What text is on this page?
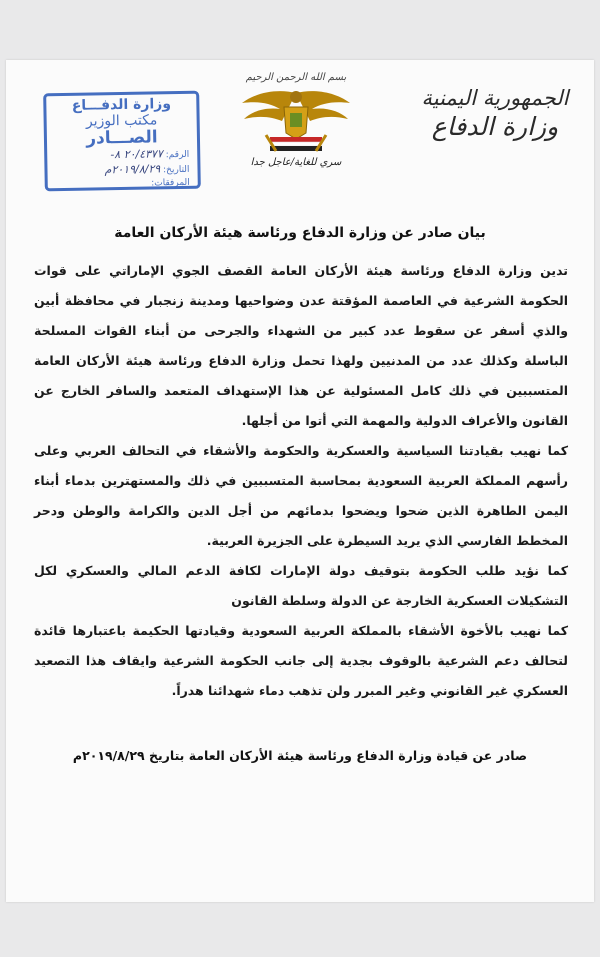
الجمهورية اليمنية
وزارة الدفاع
بسم الله الرحمن الرحيم
سري للغاية/عاجل جدا
وزارة الدفـــاع
مكتب الوزير
الصـــادر
الرقم: ٢٠/٤٣٧٧ ٨-
التاريخ: ٢٠١٩/٨/٢٩م
المرفقات:
بيان صادر عن وزارة الدفاع ورئاسة هيئة الأركان العامة

تدين وزارة الدفاع ورئاسة هيئة الأركان العامة القصف الجوي الإماراتي على قوات الحكومة الشرعية في العاصمة المؤقتة عدن وضواحيها ومدينة زنجبار في محافظة أبين والذي أسفر عن سقوط عدد كبير من الشهداء والجرحى من أبناء القوات المسلحة الباسلة وكذلك عدد من المدنيين ولهذا تحمل وزارة الدفاع ورئاسة هيئة الأركان العامة المتسببين في ذلك كامل المسئولية عن هذا الإستهداف المتعمد والسافر الخارج عن القانون والأعراف الدولية والمهمة التي أتوا من أجلها.

كما نهيب بقيادتنا السياسية والعسكرية والحكومة والأشقاء في التحالف العربي وعلى رأسهم المملكة العربية السعودية بمحاسبة المتسببين في ذلك والمستهترين بدماء أبناء اليمن الطاهرة الذين ضحوا ويضحوا بدمائهم من أجل الدين والكرامة والوطن ودحر المخطط الفارسي الذي يريد السيطرة على الجزيرة العربية.

كما نؤيد طلب الحكومة بتوقيف دولة الإمارات لكافة الدعم المالي والعسكري لكل التشكيلات العسكرية الخارجة عن الدولة وسلطة القانون

كما نهيب بالأخوة الأشقاء بالمملكة العربية السعودية وقيادتها الحكيمة باعتبارها قائدة لتحالف دعم الشرعية بالوقوف بجدية إلى جانب الحكومة الشرعية وايقاف هذا التصعيد العسكري غير القانوني وغير المبرر ولن تذهب دماء شهدائنا هدراً.

صادر عن قيادة وزارة الدفاع ورئاسة هيئة الأركان العامة بتاريخ ٢٠١٩/٨/٢٩م
